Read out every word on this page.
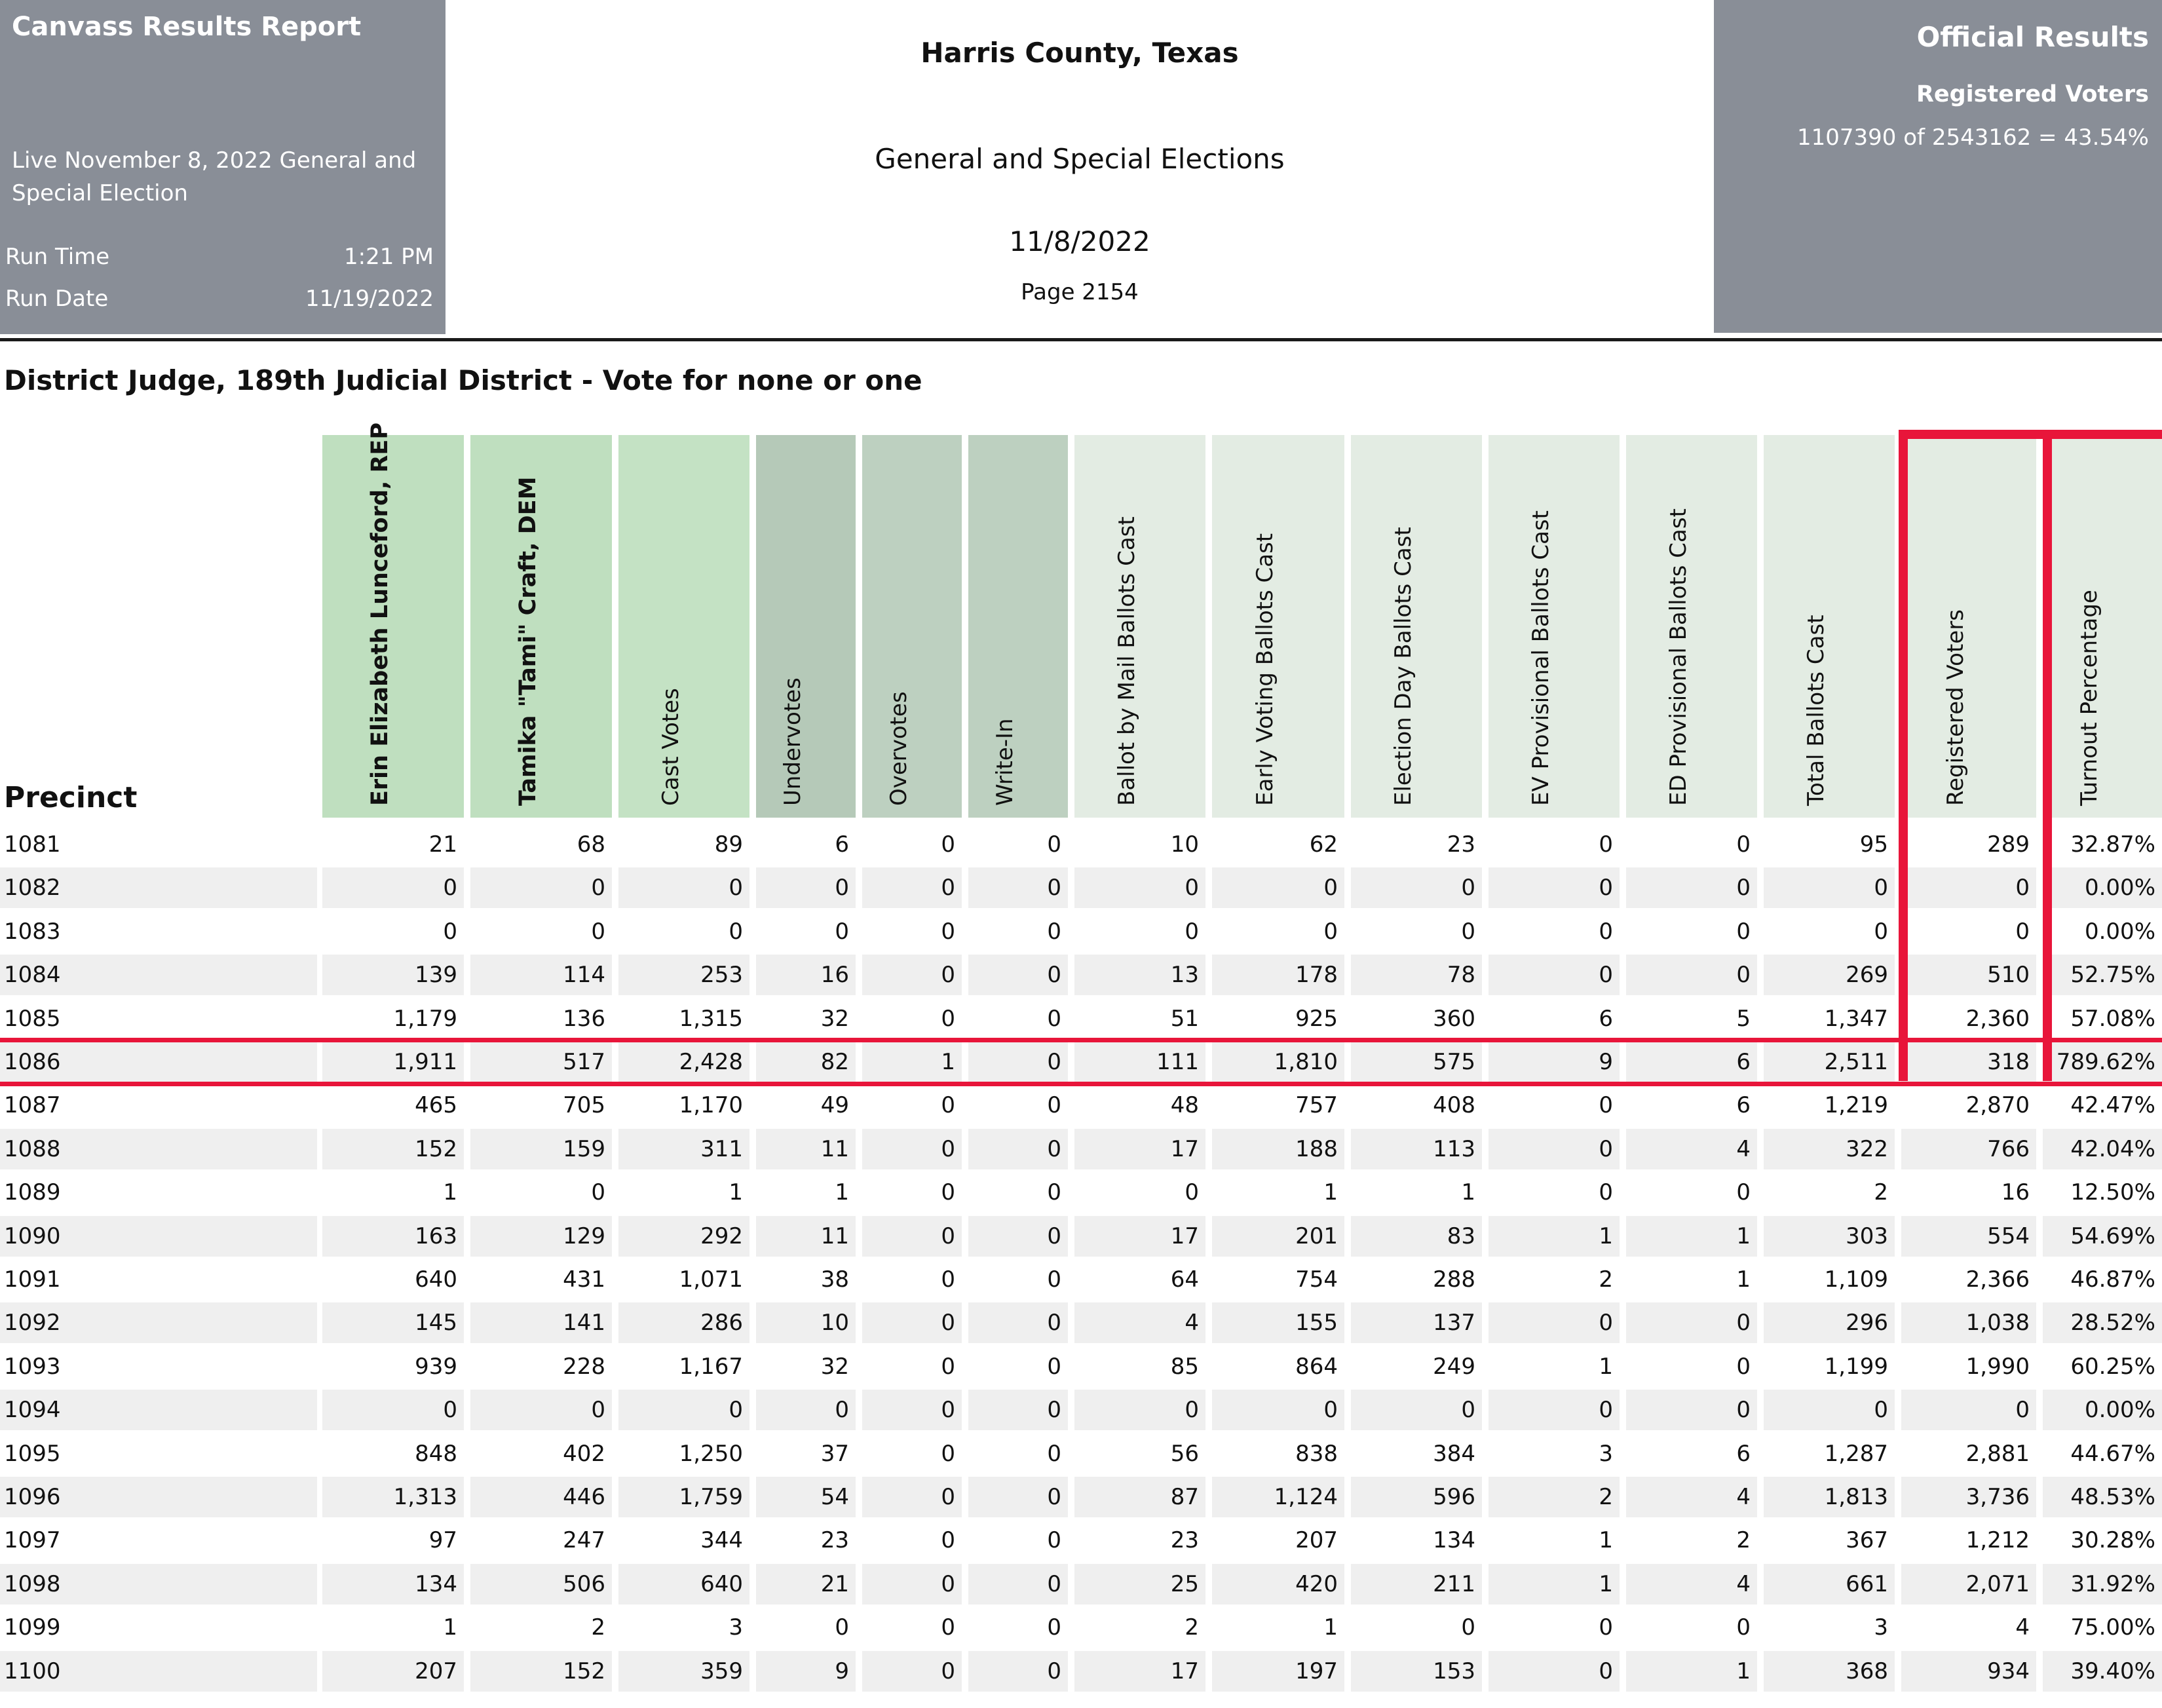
Canvass Results Report
Live November 8, 2022 General and Special Election
Run Time	1:21 PM
Run Date	11/19/2022
Harris County, Texas
General and Special Elections
11/8/2022
Page 2154
Official Results
Registered Voters
1107390 of 2543162 = 43.54%
District Judge, 189th Judicial District - Vote for none or one
Precinct	Erin Elizabeth Lunceford, REP	Tamika "Tami" Craft, DEM	Cast Votes	Undervotes	Overvotes	Write-In	Ballot by Mail Ballots Cast	Early Voting Ballots Cast	Election Day Ballots Cast	EV Provisional Ballots Cast	ED Provisional Ballots Cast	Total Ballots Cast	Registered Voters	Turnout Percentage
1081	21	68	89	6	0	0	10	62	23	0	0	95	289	32.87%
1082	0	0	0	0	0	0	0	0	0	0	0	0	0	0.00%
1083	0	0	0	0	0	0	0	0	0	0	0	0	0	0.00%
1084	139	114	253	16	0	0	13	178	78	0	0	269	510	52.75%
1085	1,179	136	1,315	32	0	0	51	925	360	6	5	1,347	2,360	57.08%
1086	1,911	517	2,428	82	1	0	111	1,810	575	9	6	2,511	318	789.62%
1087	465	705	1,170	49	0	0	48	757	408	0	6	1,219	2,870	42.47%
1088	152	159	311	11	0	0	17	188	113	0	4	322	766	42.04%
1089	1	0	1	1	0	0	0	1	1	0	0	2	16	12.50%
1090	163	129	292	11	0	0	17	201	83	1	1	303	554	54.69%
1091	640	431	1,071	38	0	0	64	754	288	2	1	1,109	2,366	46.87%
1092	145	141	286	10	0	0	4	155	137	0	0	296	1,038	28.52%
1093	939	228	1,167	32	0	0	85	864	249	1	0	1,199	1,990	60.25%
1094	0	0	0	0	0	0	0	0	0	0	0	0	0	0.00%
1095	848	402	1,250	37	0	0	56	838	384	3	6	1,287	2,881	44.67%
1096	1,313	446	1,759	54	0	0	87	1,124	596	2	4	1,813	3,736	48.53%
1097	97	247	344	23	0	0	23	207	134	1	2	367	1,212	30.28%
1098	134	506	640	21	0	0	25	420	211	1	4	661	2,071	31.92%
1099	1	2	3	0	0	0	2	1	0	0	0	3	4	75.00%
1100	207	152	359	9	0	0	17	197	153	0	1	368	934	39.40%
